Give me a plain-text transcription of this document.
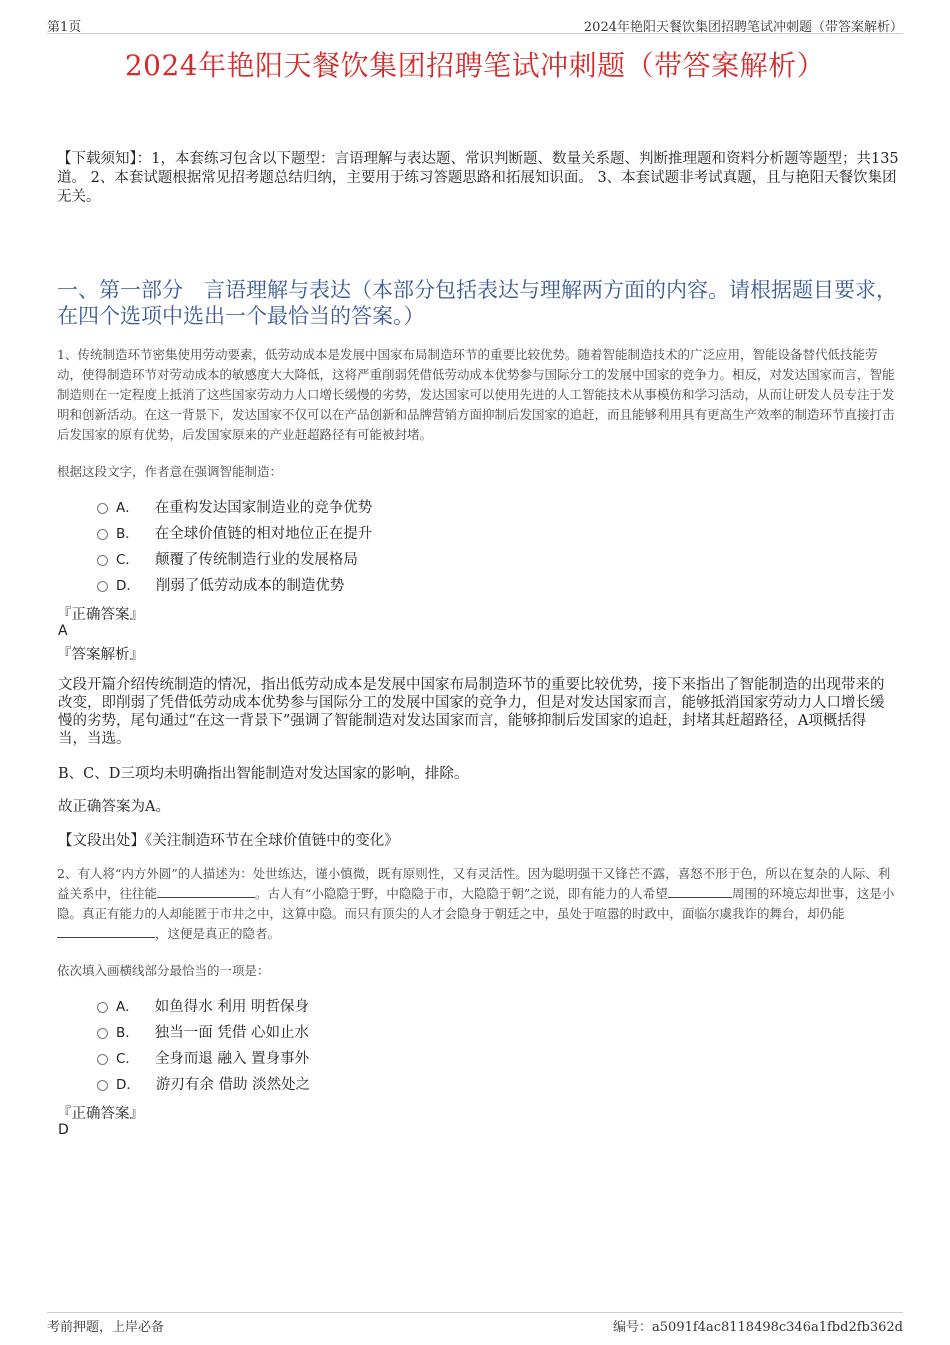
第1页	2024年艳阳天餐饮集团招聘笔试冲刺题（带答案解析）
2024年艳阳天餐饮集团招聘笔试冲刺题（带答案解析）
【下载须知】：1，本套练习包含以下题型：言语理解与表达题、常识判断题、数量关系题、判断推理题和资料分析题等题型；共135道。 2、本套试题根据常见招考题总结归纳，主要用于练习答题思路和拓展知识面。 3、本套试题非考试真题，且与艳阳天餐饮集团无关。
一、第一部分　言语理解与表达（本部分包括表达与理解两方面的内容。请根据题目要求，在四个选项中选出一个最恰当的答案。）
1、传统制造环节密集使用劳动要素，低劳动成本是发展中国家布局制造环节的重要比较优势。随着智能制造技术的广泛应用，智能设备替代低技能劳动，使得制造环节对劳动成本的敏感度大大降低，这将严重削弱凭借低劳动成本优势参与国际分工的发展中国家的竞争力。相反，对发达国家而言，智能制造则在一定程度上抵消了这些国家劳动力人口增长缓慢的劣势，发达国家可以使用先进的人工智能技术从事模仿和学习活动，从而让研发人员专注于发明和创新活动。在这一背景下，发达国家不仅可以在产品创新和品牌营销方面抑制后发国家的追赶，而且能够利用具有更高生产效率的制造环节直接打击后发国家的原有优势，后发国家原来的产业赶超路径有可能被封堵。
根据这段文字，作者意在强调智能制造：
A． 在重构发达国家制造业的竞争优势
B． 在全球价值链的相对地位正在提升
C． 颠覆了传统制造行业的发展格局
D． 削弱了低劳动成本的制造优势
『正确答案』
A
『答案解析』
文段开篇介绍传统制造的情况，指出低劳动成本是发展中国家布局制造环节的重要比较优势，接下来指出了智能制造的出现带来的改变，即削弱了凭借低劳动成本优势参与国际分工的发展中国家的竞争力，但是对发达国家而言，能够抵消国家劳动力人口增长缓慢的劣势，尾句通过“在这一背景下”强调了智能制造对发达国家而言，能够抑制后发国家的追赶，封堵其赶超路径，A项概括得当，当选。
B、C、D三项均未明确指出智能制造对发达国家的影响，排除。
故正确答案为A。
【文段出处】《关注制造环节在全球价值链中的变化》
2、有人将“内方外圆”的人描述为：处世练达，谨小慎微，既有原则性，又有灵活性。因为聪明强干又锋芒不露，喜怒不形于色，所以在复杂的人际、利益关系中，往往能	。古人有“小隐隐于野，中隐隐于市，大隐隐于朝”之说，即有能力的人希望	周围的环境忘却世事，这是小隐。真正有能力的人却能匿于市井之中，这算中隐。而只有顶尖的人才会隐身于朝廷之中，虽处于喧嚣的时政中，面临尔虞我诈的舞台，却仍能，这便是真正的隐者。
依次填入画横线部分最恰当的一项是：
A． 如鱼得水 利用 明哲保身
B． 独当一面 凭借 心如止水
C． 全身而退 融入 置身事外
D． 游刃有余 借助 淡然处之
『正确答案』
D
考前押题，上岸必备	编号：a5091f4ac8118498c346a1fbd2fb362d
